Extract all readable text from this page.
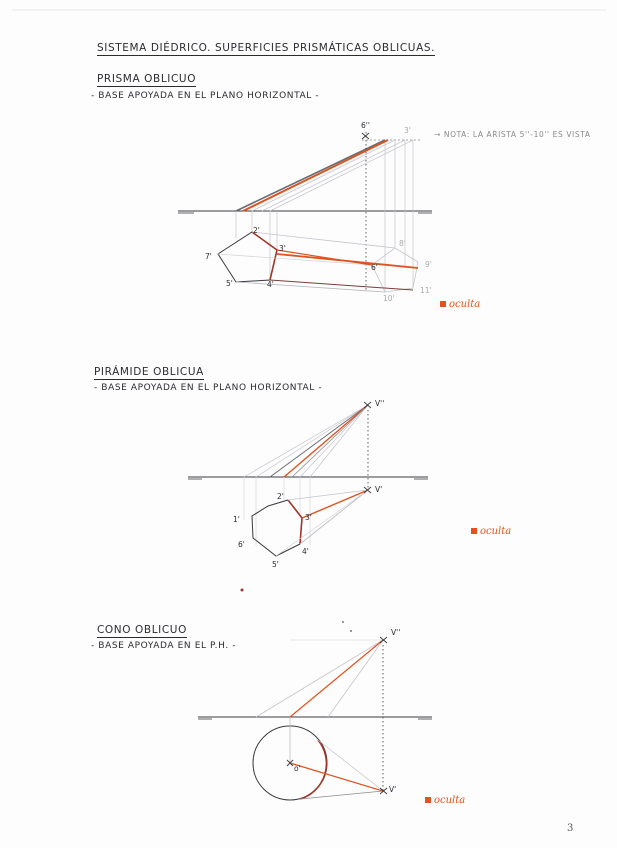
SISTEMA DIÉDRICO. SUPERFICIES PRISMÁTICAS OBLICUAS.
PRISMA OBLICUO
- BASE APOYADA EN EL PLANO HORIZONTAL -
→ NOTA: LA ARISTA 5''-10'' ES VISTA
6''
2'
3'
7'
5'	4'
6'
8'
9'
10'
11'
3'
oculta
PIRÁMIDE OBLICUA
- BASE APOYADA EN EL PLANO HORIZONTAL -
V''
V'
2'
3'
1'
6'
5'
4'
oculta
CONO OBLICUO
- BASE APOYADA EN EL P.H. -
V''
V'
o'
oculta
3
